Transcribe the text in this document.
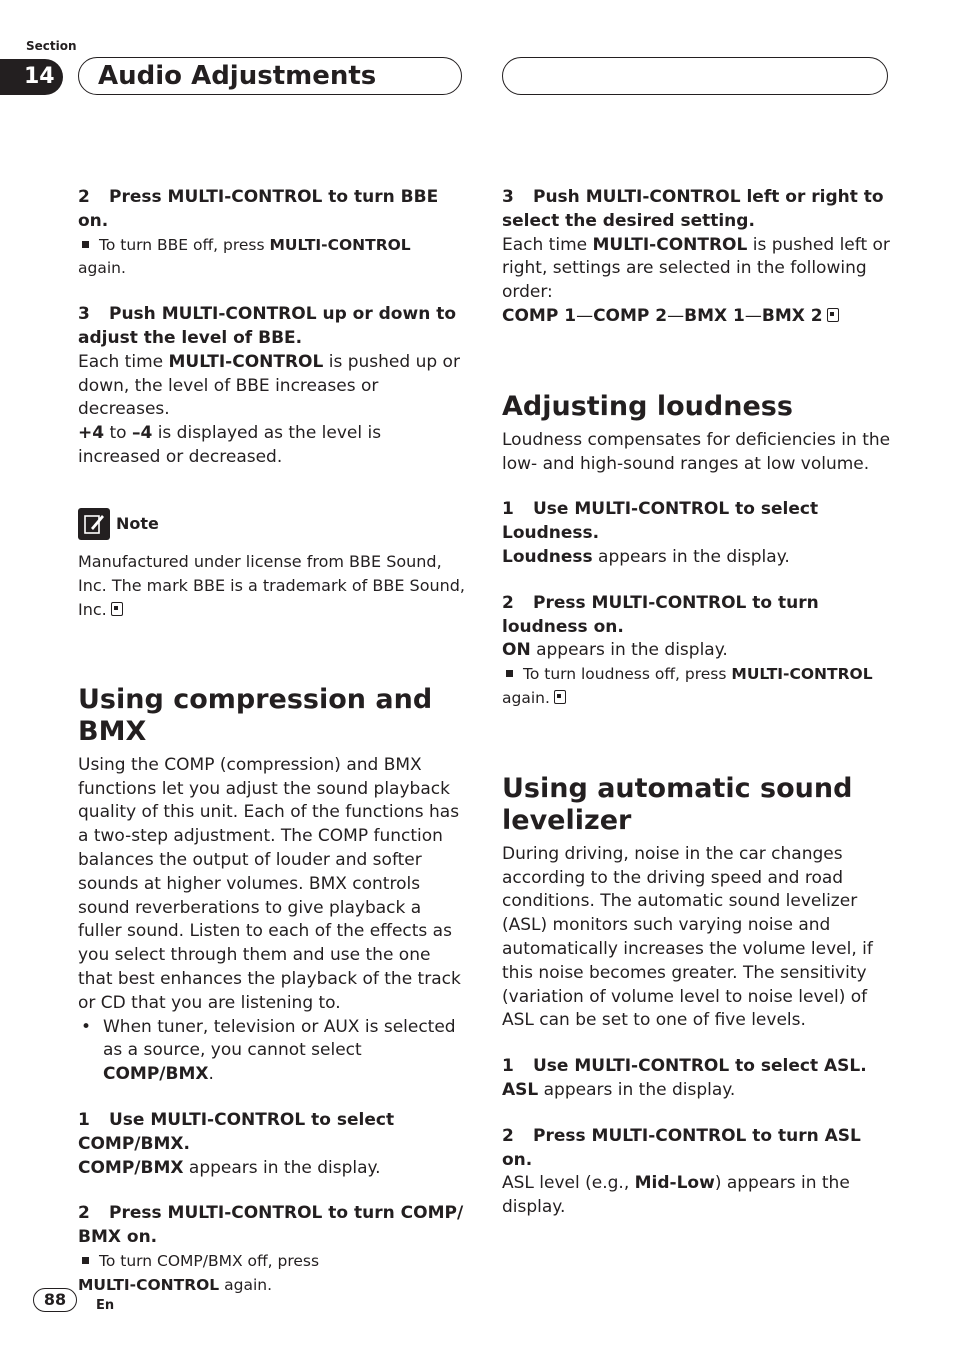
Section
14	Audio Adjustments

2 Press MULTI-CONTROL to turn BBE on.

To turn BBE off, press MULTI-CONTROL
again.

3 Push MULTI-CONTROL up or down to adjust the level of BBE.

Each time MULTI-CONTROL is pushed up or down, the level of BBE increases or decreases.

+4 to –4 is displayed as the level is increased or decreased.

Note

Manufactured under license from BBE Sound, Inc. The mark BBE is a trademark of BBE Sound, Inc.

Using compression and BMX

Using the COMP (compression) and BMX functions let you adjust the sound playback quality of this unit. Each of the functions has a two-step adjustment. The COMP function balances the output of louder and softer sounds at higher volumes. BMX controls sound reverberations to give playback a fuller sound. Listen to each of the effects as you select through them and use the one that best enhances the playback of the track or CD that you are listening to.

• When tuner, television or AUX is selected as a source, you cannot select COMP/BMX.

1 Use MULTI-CONTROL to select COMP/BMX.

COMP/BMX appears in the display.

2 Press MULTI-CONTROL to turn COMP/ BMX on.

To turn COMP/BMX off, press
MULTI-CONTROL again.

3 Push MULTI-CONTROL left or right to select the desired setting.

Each time MULTI-CONTROL is pushed left or right, settings are selected in the following order:

COMP 1—COMP 2—BMX 1—BMX 2

Adjusting loudness

Loudness compensates for deficiencies in the low- and high-sound ranges at low volume.

1 Use MULTI-CONTROL to select Loudness.

Loudness appears in the display.

2 Press MULTI-CONTROL to turn loudness on.

ON appears in the display.

To turn loudness off, press MULTI-CONTROL
again.

Using automatic sound levelizer

During driving, noise in the car changes according to the driving speed and road conditions. The automatic sound levelizer (ASL) monitors such varying noise and automatically increases the volume level, if this noise becomes greater. The sensitivity (variation of volume level to noise level) of ASL can be set to one of five levels.

1 Use MULTI-CONTROL to select ASL.

ASL appears in the display.

2 Press MULTI-CONTROL to turn ASL on.

ASL level (e.g., Mid-Low) appears in the display.

88	En
